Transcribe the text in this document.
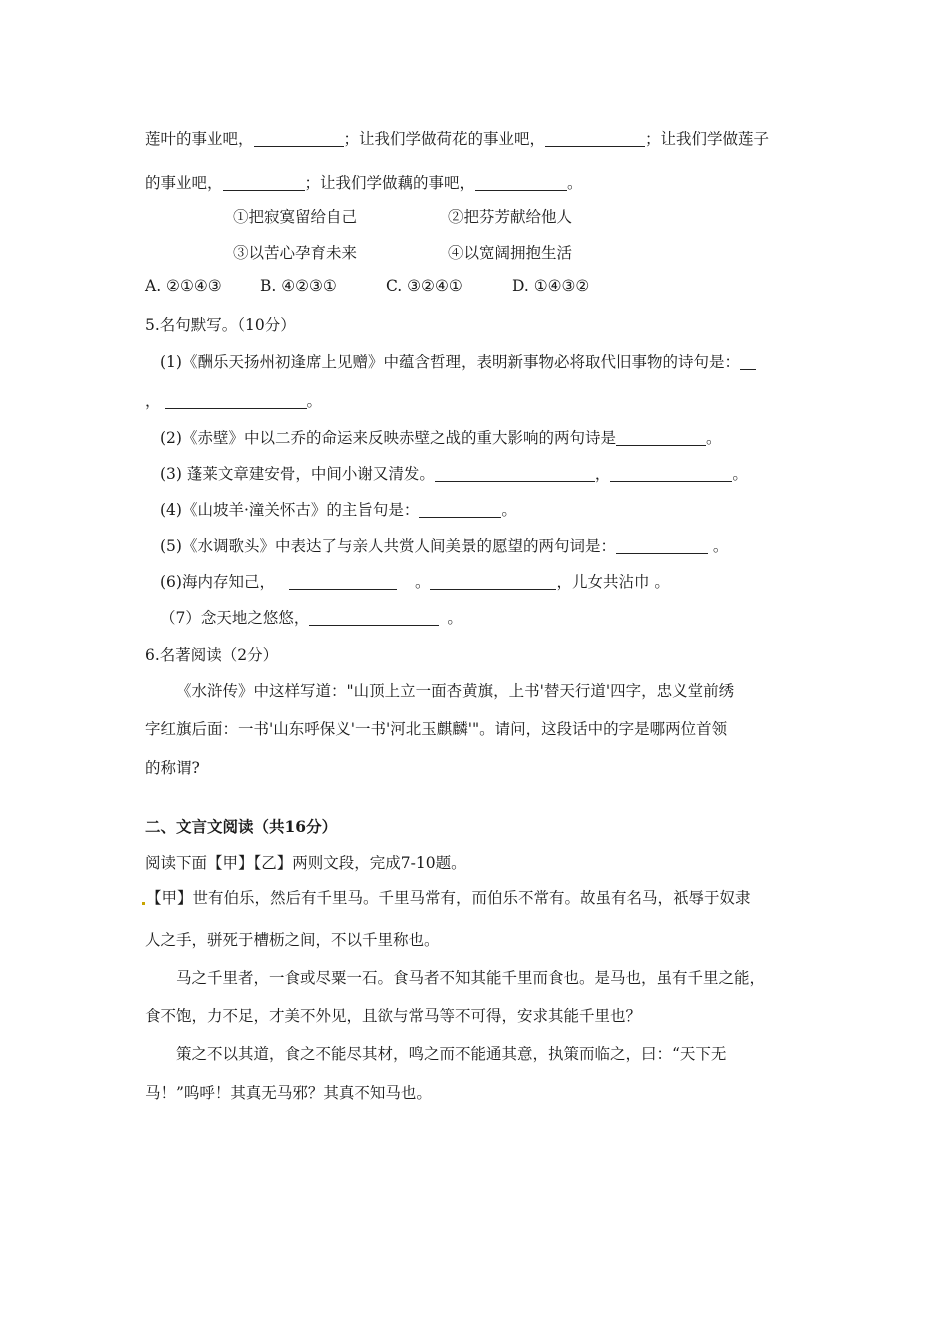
莲叶的事业吧，	；让我们学做荷花的事业吧，	；让我们学做莲子
的事业吧，	；让我们学做藕的事吧，	。
①把寂寞留给自己	②把芬芳献给他人
③以苦心孕育未来	④以宽阔拥抱生活
A. ②①④③ B. ④②③①	C. ③②④①	D. ①④③②
5.名句默写。（10分）
(1)《酬乐天扬州初逢席上见赠》中蕴含哲理，表明新事物必将取代旧事物的诗句是：
，	。
(2)《赤壁》中以二乔的命运来反映赤壁之战的重大影响的两句诗是	。
(3) 蓬莱文章建安骨，中间小谢又清发。	，	。
(4)《山坡羊·潼关怀古》的主旨句是：	。
(5)《水调歌头》中表达了与亲人共赏人间美景的愿望的两句词是：	。
(6)海内存知己，	。	，儿女共沾巾 。
（7）念天地之悠悠，	。
6.名著阅读（2分）
《水浒传》中这样写道："山顶上立一面杏黄旗，上书'替天行道'四字，忠义堂前绣
字红旗后面：一书'山东呼保义'一书'河北玉麒麟'"。请问，这段话中的字是哪两位首领
的称谓?
二、文言文阅读（共16分）
阅读下面【甲】【乙】两则文段，完成7-10题。
【甲】世有伯乐，然后有千里马。千里马常有，而伯乐不常有。故虽有名马，祇辱于奴隶
人之手，骈死于槽枥之间，不以千里称也。
马之千里者，一食或尽粟一石。食马者不知其能千里而食也。是马也，虽有千里之能，
食不饱，力不足，才美不外见，且欲与常马等不可得，安求其能千里也？
策之不以其道，食之不能尽其材，鸣之而不能通其意，执策而临之，曰：“天下无
马！”呜呼！其真无马邪？其真不知马也。
